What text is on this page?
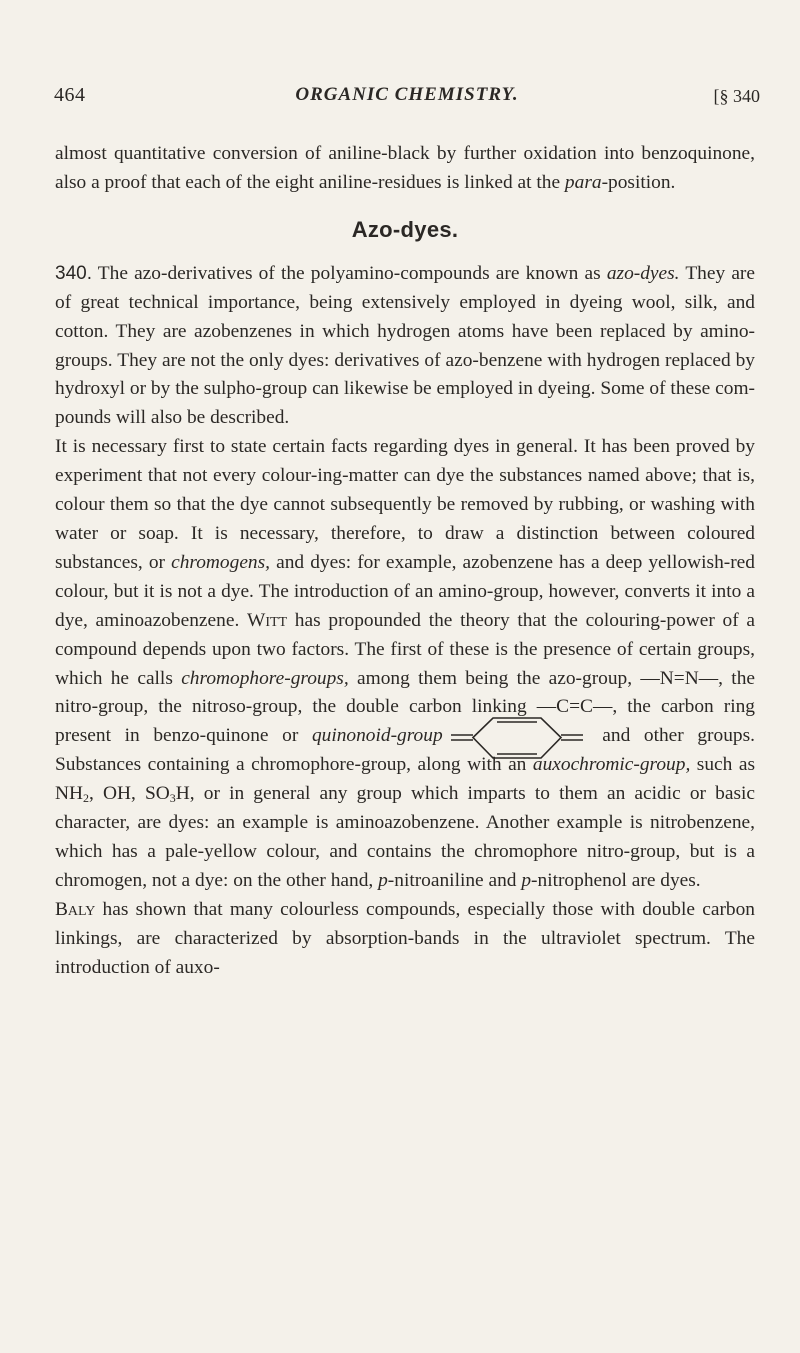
464	ORGANIC CHEMISTRY.	[§ 340

almost quantitative conversion of aniline-black by further oxidation into benzoquinone, also a proof that each of the eight aniline-residues is linked at the para-position.

Azo-dyes.

340. The azo-derivatives of the polyamino-compounds are known as azo-dyes. They are of great technical importance, being extensively employed in dyeing wool, silk, and cotton. They are azobenzenes in which hydrogen atoms have been replaced by amino-groups. They are not the only dyes: derivatives of azo-benzene with hydrogen replaced by hydroxyl or by the sulpho-group can likewise be employed in dyeing. Some of these com-pounds will also be described.

It is necessary first to state certain facts regarding dyes in general. It has been proved by experiment that not every colour-ing-matter can dye the substances named above; that is, colour them so that the dye cannot subsequently be removed by rubbing, or washing with water or soap. It is necessary, therefore, to draw a distinction between coloured substances, or chromogens, and dyes: for example, azobenzene has a deep yellowish-red colour, but it is not a dye. The introduction of an amino-group, however, converts it into a dye, aminoazobenzene. Witt has propounded the theory that the colouring-power of a compound depends upon two factors. The first of these is the presence of certain groups, which he calls chromophore-groups, among them being the azo-group, —N=N—, the nitro-group, the nitroso-group, the double carbon linking —C=C—, the carbon ring present in benzo-quinone or quinonoid-group	and other groups. Substances containing a chromophore-group, along with an auxochromic-group, such as $NH_2$, OH, $SO_3H$, or in general any group which imparts to them an acidic or basic character, are dyes: an example is aminoazobenzene. Another example is nitrobenzene, which has a pale-yellow colour, and contains the chromophore nitro-group, but is a chromogen, not a dye: on the other hand, p-nitroaniline and p-nitrophenol are dyes.

Baly has shown that many colourless compounds, especially those with double carbon linkings, are characterized by absorption-bands in the ultraviolet spectrum. The introduction of auxo-
